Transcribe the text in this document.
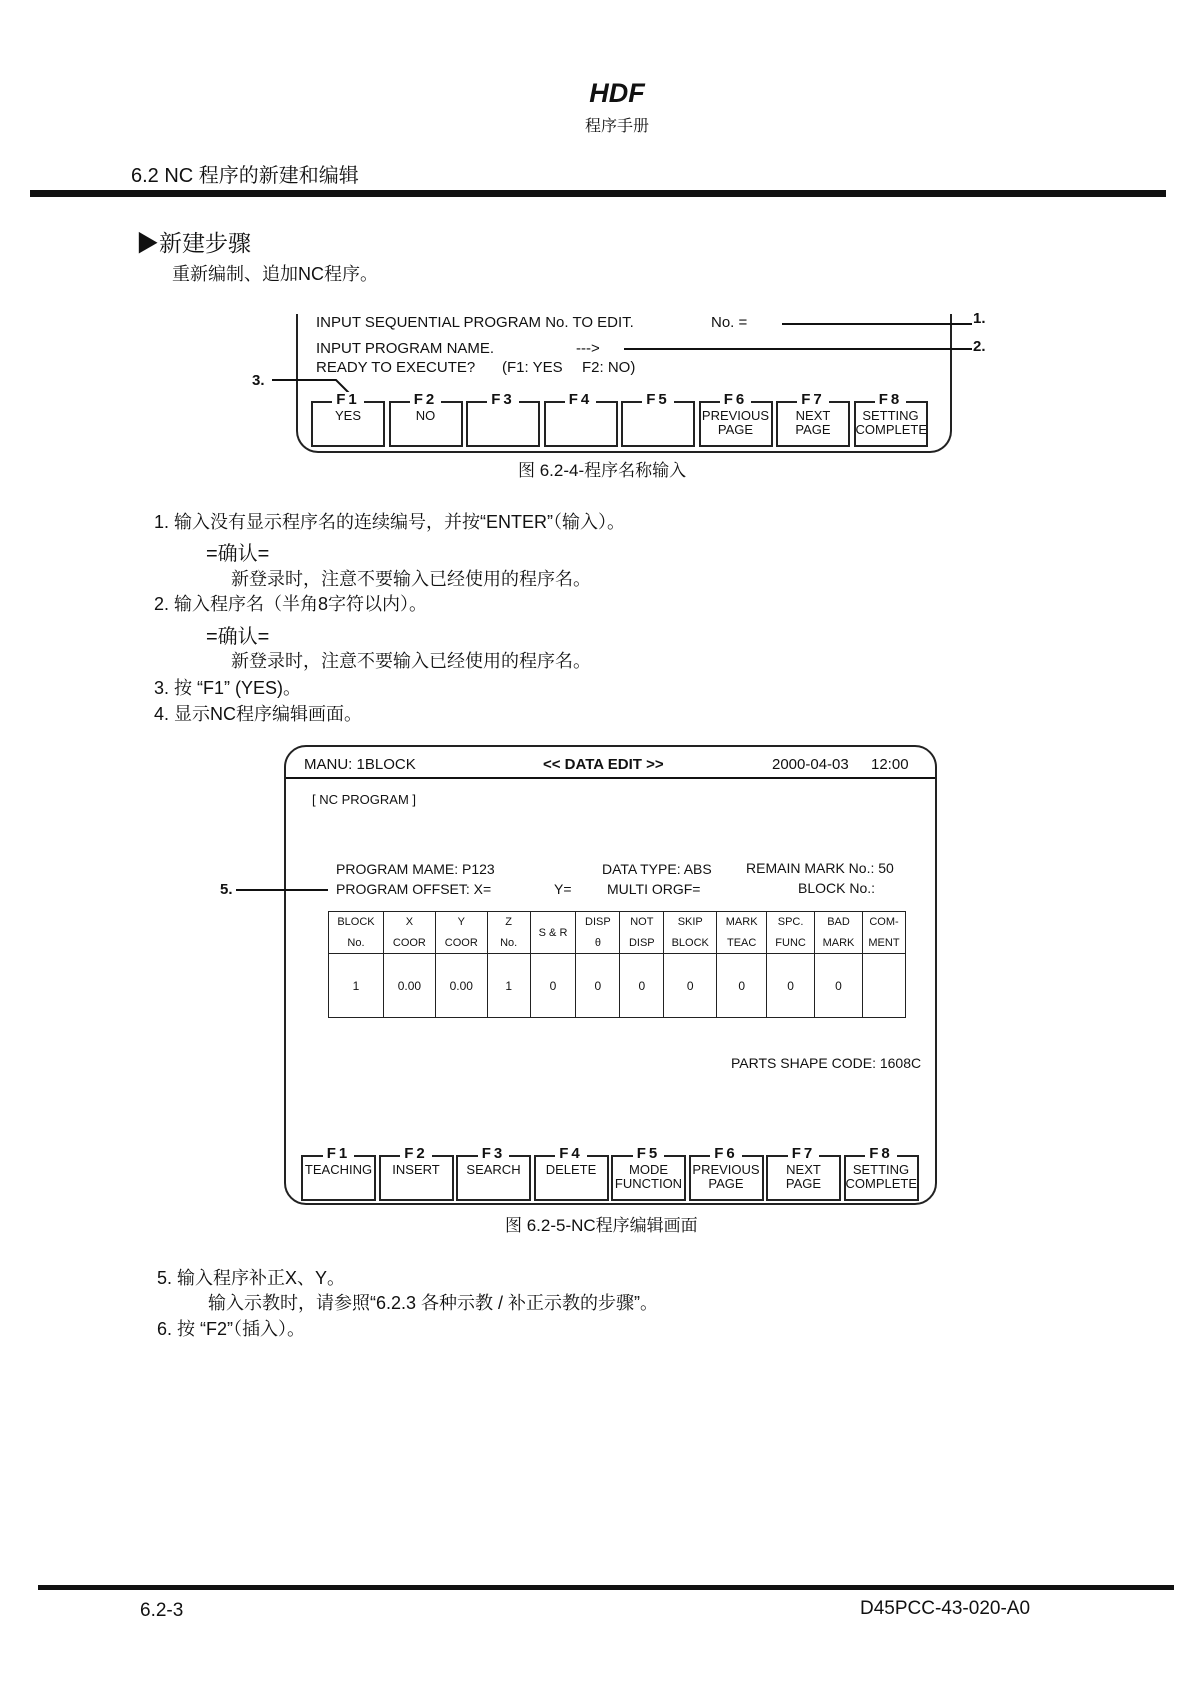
HDF
程序手册
6.2 NC 程序的新建和编辑
▶新建步骤
重新编制、追加NC程序。
INPUT SEQUENTIAL PROGRAM No. TO EDIT.	No. =	1.
INPUT PROGRAM NAME.	--->	2.
READY TO EXECUTE? (F1: YES F2: NO)
3.
F1
YES
F2
NO
F3	F4	F5	F6
PREVIOUS PAGE
F7
NEXT PAGE
F8
SETTING COMPLETE
图 6.2-4-程序名称输入
1. 输入没有显示程序名的连续编号，并按“ENTER”（输入）。
=确认=
新登录时，注意不要输入已经使用的程序名。
2. 输入程序名（半角8字符以内）。
=确认=
新登录时，注意不要输入已经使用的程序名。
3. 按 “F1” (YES)。
4. 显示NC程序编辑画面。
MANU: 1BLOCK	<< DATA EDIT >>	2000-04-03 12:00
[ NC PROGRAM ]
PROGRAM MAME: P123	DATA TYPE: ABS REMAIN MARK No.: 50
PROGRAM OFFSET: X=	Y=	MULTI ORGF=	BLOCK No.:
5.
BLOCK	X	Y	Z	S & R	DISP	NOT	SKIP	MARK	SPC.	BAD	COM-
No.	COOR	COOR	No.		θ	DISP	BLOCK	TEAC	FUNC	MARK	MENT
1	0.00	0.00	1	0	0	0	0	0	0	0	
PARTS SHAPE CODE: 1608C
F1
TEACHING
F2
INSERT
F3
SEARCH
F4
DELETE
F5
MODE FUNCTION
F6
PREVIOUS PAGE
F7
NEXT PAGE
F8
SETTING COMPLETE
图 6.2-5-NC程序编辑画面
5. 输入程序补正X、Y。
输入示教时，请参照“6.2.3 各种示教 / 补正示教的步骤”。
6. 按 “F2”（插入）。
6.2-3	D45PCC-43-020-A0
